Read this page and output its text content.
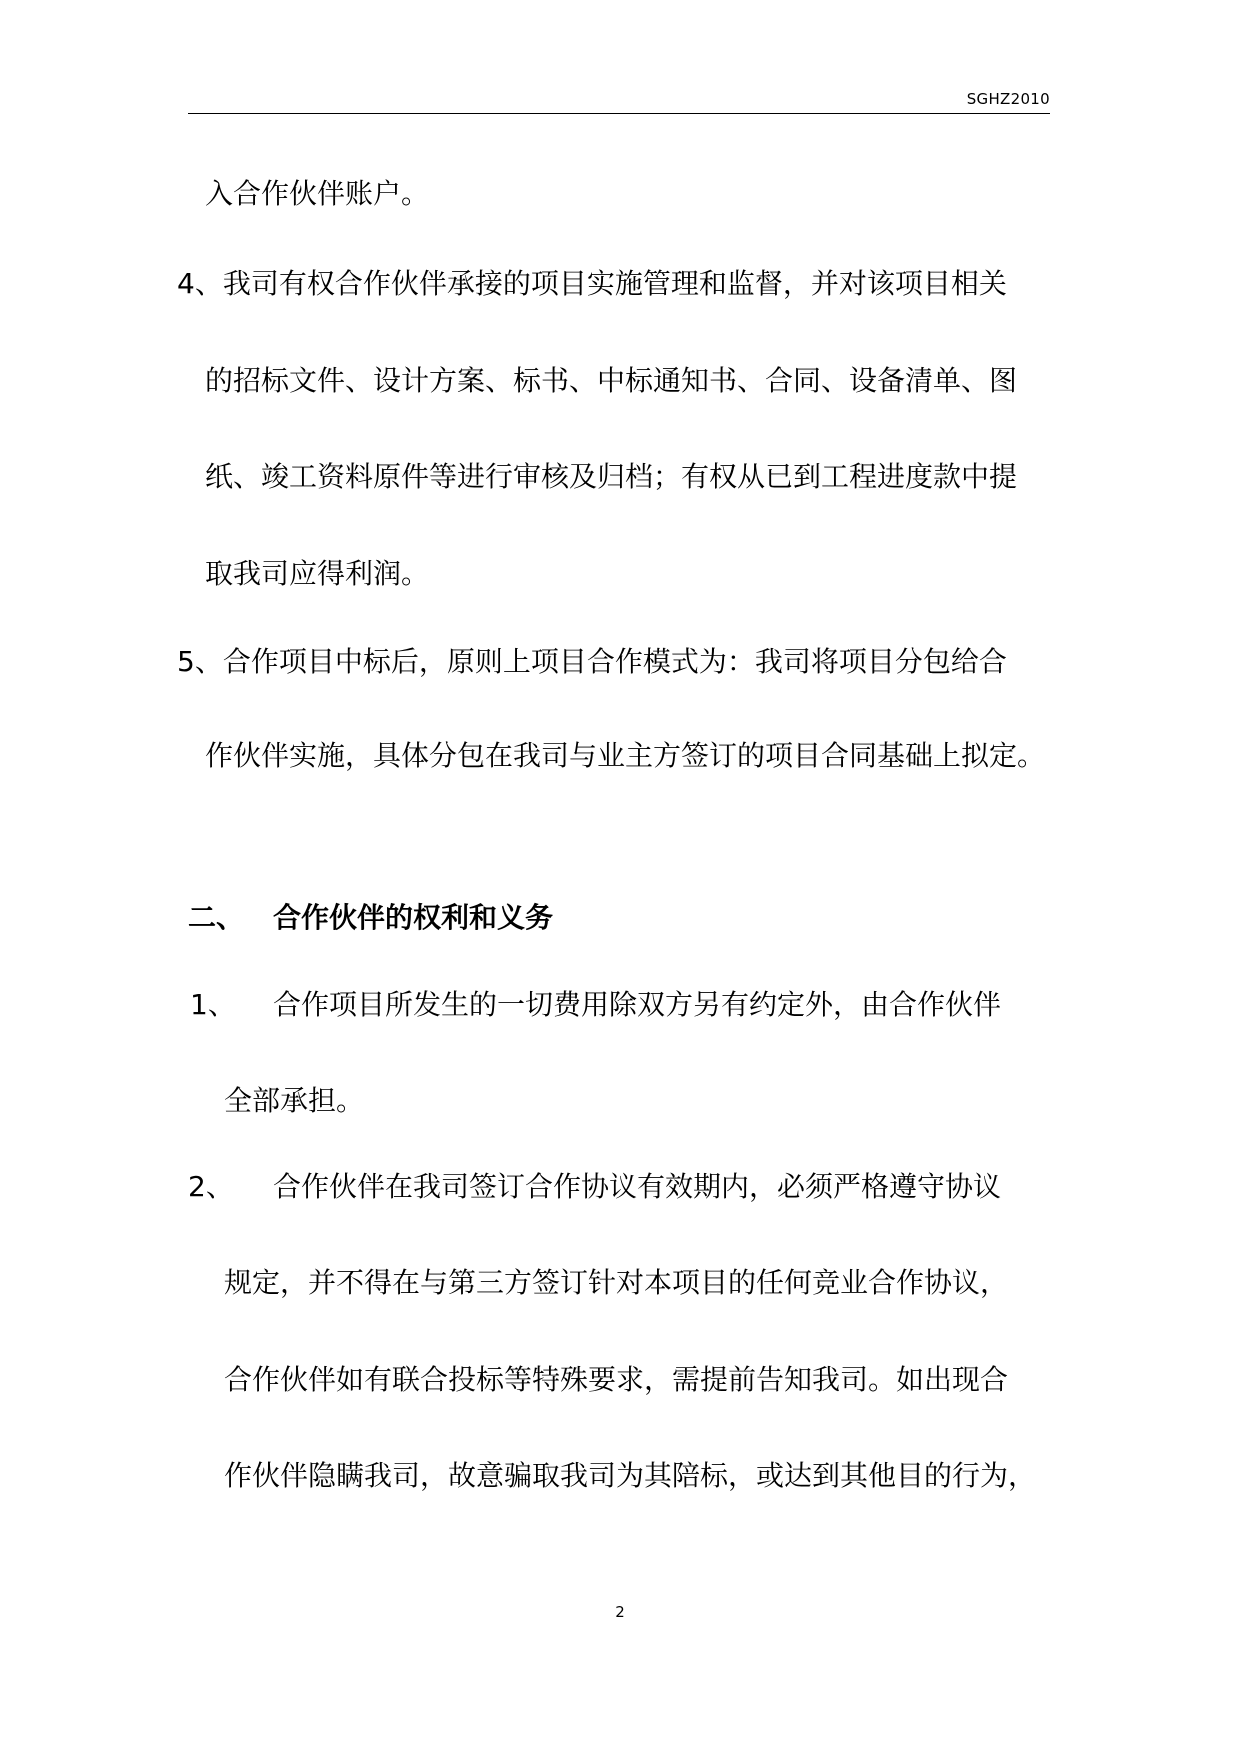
SGHZ2010
入合作伙伴账户。
4、我司有权合作伙伴承接的项目实施管理和监督，并对该项目相关
的招标文件、设计方案、标书、中标通知书、合同、设备清单、图
纸、竣工资料原件等进行审核及归档；有权从已到工程进度款中提
取我司应得利润。
5、合作项目中标后，原则上项目合作模式为：我司将项目分包给合
作伙伴实施，具体分包在我司与业主方签订的项目合同基础上拟定。
二、 合作伙伴的权利和义务
1、 合作项目所发生的一切费用除双方另有约定外，由合作伙伴
全部承担。
2、 合作伙伴在我司签订合作协议有效期内，必须严格遵守协议
规定，并不得在与第三方签订针对本项目的任何竞业合作协议，
合作伙伴如有联合投标等特殊要求，需提前告知我司。如出现合
作伙伴隐瞒我司，故意骗取我司为其陪标，或达到其他目的行为，
2
